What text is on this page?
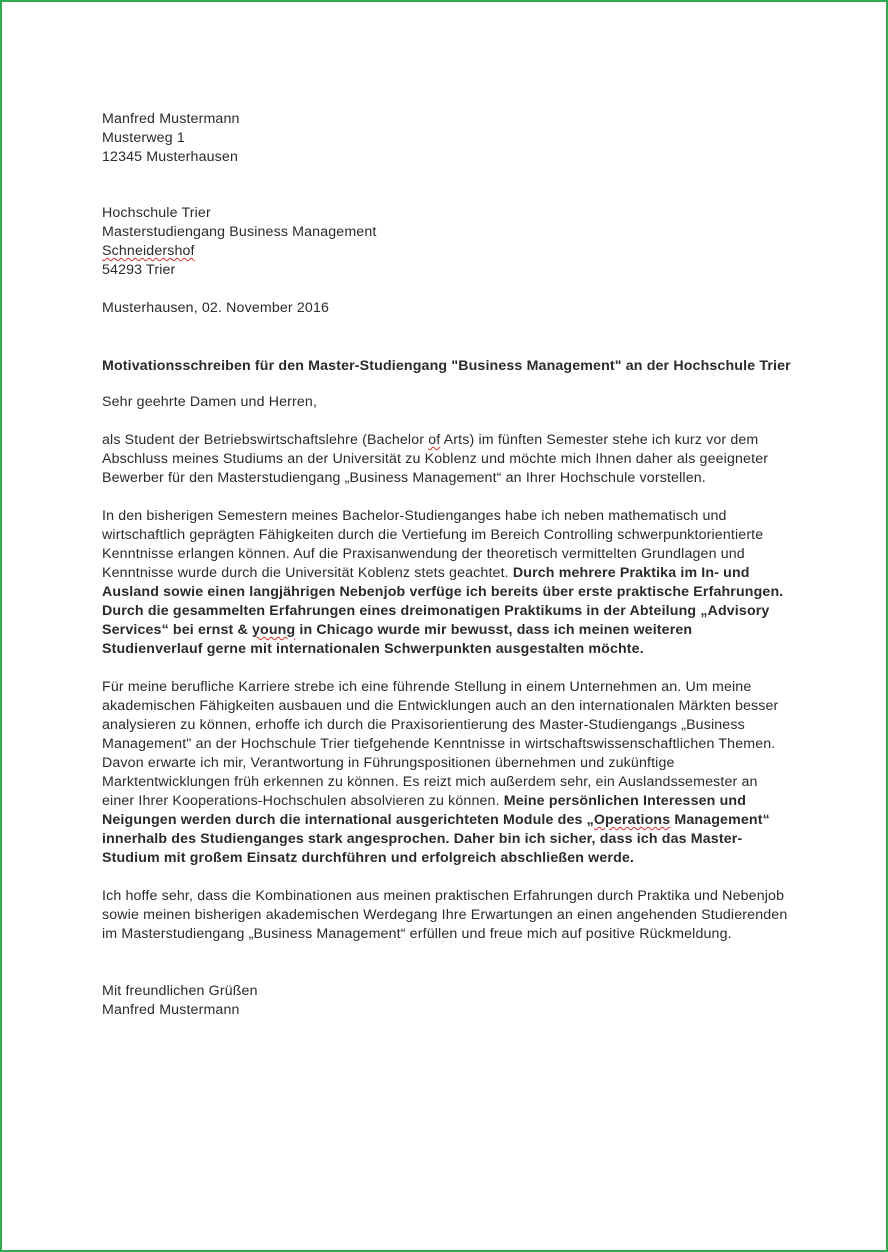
Manfred Mustermann
Musterweg 1
12345 Musterhausen
Hochschule Trier
Masterstudiengang Business Management
Schneidershof
54293 Trier
Musterhausen, 02. November 2016
Motivationsschreiben für den Master-Studiengang "Business Management" an der Hochschule Trier
Sehr geehrte Damen und Herren,
als Student der Betriebswirtschaftslehre (Bachelor of Arts) im fünften Semester stehe ich kurz vor dem Abschluss meines Studiums an der Universität zu Koblenz und möchte mich Ihnen daher als geeigneter Bewerber für den Masterstudiengang „Business Management“ an Ihrer Hochschule vorstellen.
In den bisherigen Semestern meines Bachelor-Studienganges habe ich neben mathematisch und wirtschaftlich geprägten Fähigkeiten durch die Vertiefung im Bereich Controlling schwerpunktorientierte Kenntnisse erlangen können. Auf die Praxisanwendung der theoretisch vermittelten Grundlagen und Kenntnisse wurde durch die Universität Koblenz stets geachtet. Durch mehrere Praktika im In- und Ausland sowie einen langjährigen Nebenjob verfüge ich bereits über erste praktische Erfahrungen. Durch die gesammelten Erfahrungen eines dreimonatigen Praktikums in der Abteilung „Advisory Services“ bei ernst & young in Chicago wurde mir bewusst, dass ich meinen weiteren Studienverlauf gerne mit internationalen Schwerpunkten ausgestalten möchte.
Für meine berufliche Karriere strebe ich eine führende Stellung in einem Unternehmen an. Um meine akademischen Fähigkeiten ausbauen und die Entwicklungen auch an den internationalen Märkten besser analysieren zu können, erhoffe ich durch die Praxisorientierung des Master-Studiengangs „Business Management" an der Hochschule Trier tiefgehende Kenntnisse in wirtschaftswissenschaftlichen Themen. Davon erwarte ich mir, Verantwortung in Führungspositionen übernehmen und zukünftige Marktentwicklungen früh erkennen zu können. Es reizt mich außerdem sehr, ein Auslandssemester an einer Ihrer Kooperations-Hochschulen absolvieren zu können. Meine persönlichen Interessen und Neigungen werden durch die international ausgerichteten Module des „Operations Management“ innerhalb des Studienganges stark angesprochen. Daher bin ich sicher, dass ich das Master-Studium mit großem Einsatz durchführen und erfolgreich abschließen werde.
Ich hoffe sehr, dass die Kombinationen aus meinen praktischen Erfahrungen durch Praktika und Nebenjob sowie meinen bisherigen akademischen Werdegang Ihre Erwartungen an einen angehenden Studierenden im Masterstudiengang „Business Management“ erfüllen und freue mich auf positive Rückmeldung.
Mit freundlichen Grüßen
Manfred Mustermann
